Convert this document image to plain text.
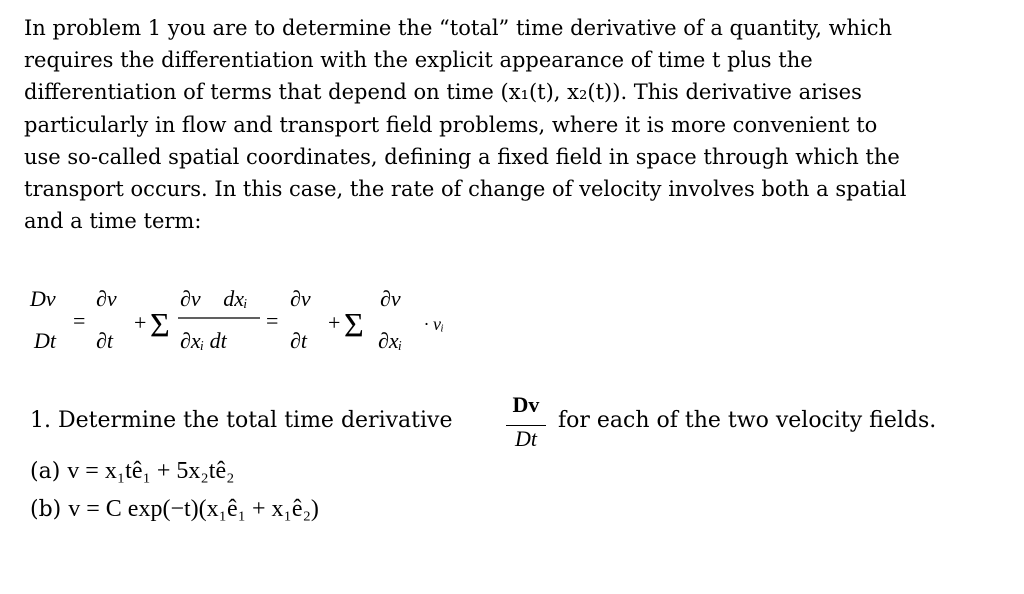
In problem 1 you are to determine the “total” time derivative of a quantity, which
requires the differentiation with the explicit appearance of time t plus the
differentiation of terms that depend on time (x₁(t), x₂(t)). This derivative arises
particularly in flow and transport field problems, where it is more convenient to
use so-called spatial coordinates, defining a fixed field in space through which the
transport occurs. In this case, the rate of change of velocity involves both a spatial
and a time term:
Dv⃗
Dt
=
∂v⃗
∂t
+ Σ
∂v⃗ dxᵢ
∂xᵢ dt
=
∂v⃗
∂t
+ Σ
∂v⃗
∂xᵢ
· vᵢ
1. Determine the total time derivative
Dv
Dt
for each of the two velocity fields.
(a) v = x₁tê₁ + 5x₂tê₂
(b) v = C exp(−t)(x₁ê₁ + x₁ê₂)
